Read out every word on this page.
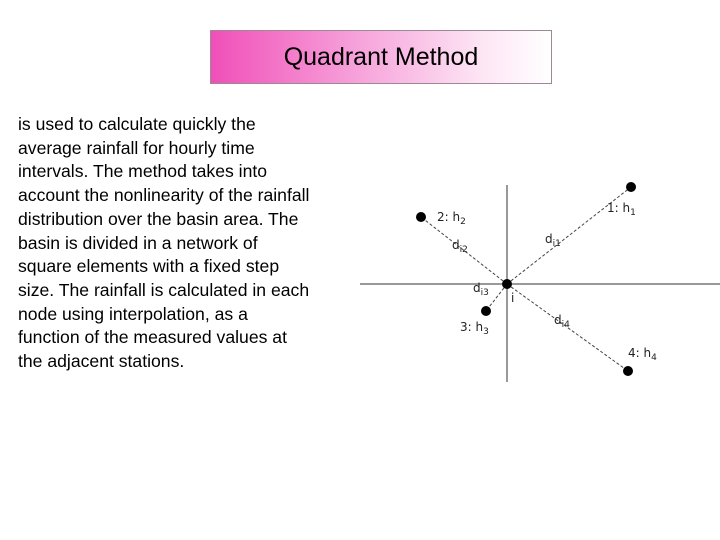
Quadrant Method
is used to calculate quickly the
average rainfall for hourly time
intervals. The method takes into
account the nonlinearity of the rainfall
distribution over the basin area. The
basin is divided in a network of
square elements with a fixed step
size. The rainfall is calculated in each
node using interpolation, as a
function of the measured values at
the adjacent stations.
i
1: $h_1$
2: $h_2$
3: $h_3$
4: $h_4$
$d_{i1}$
$d_{i2}$
$d_{i3}$
$d_{i4}$
